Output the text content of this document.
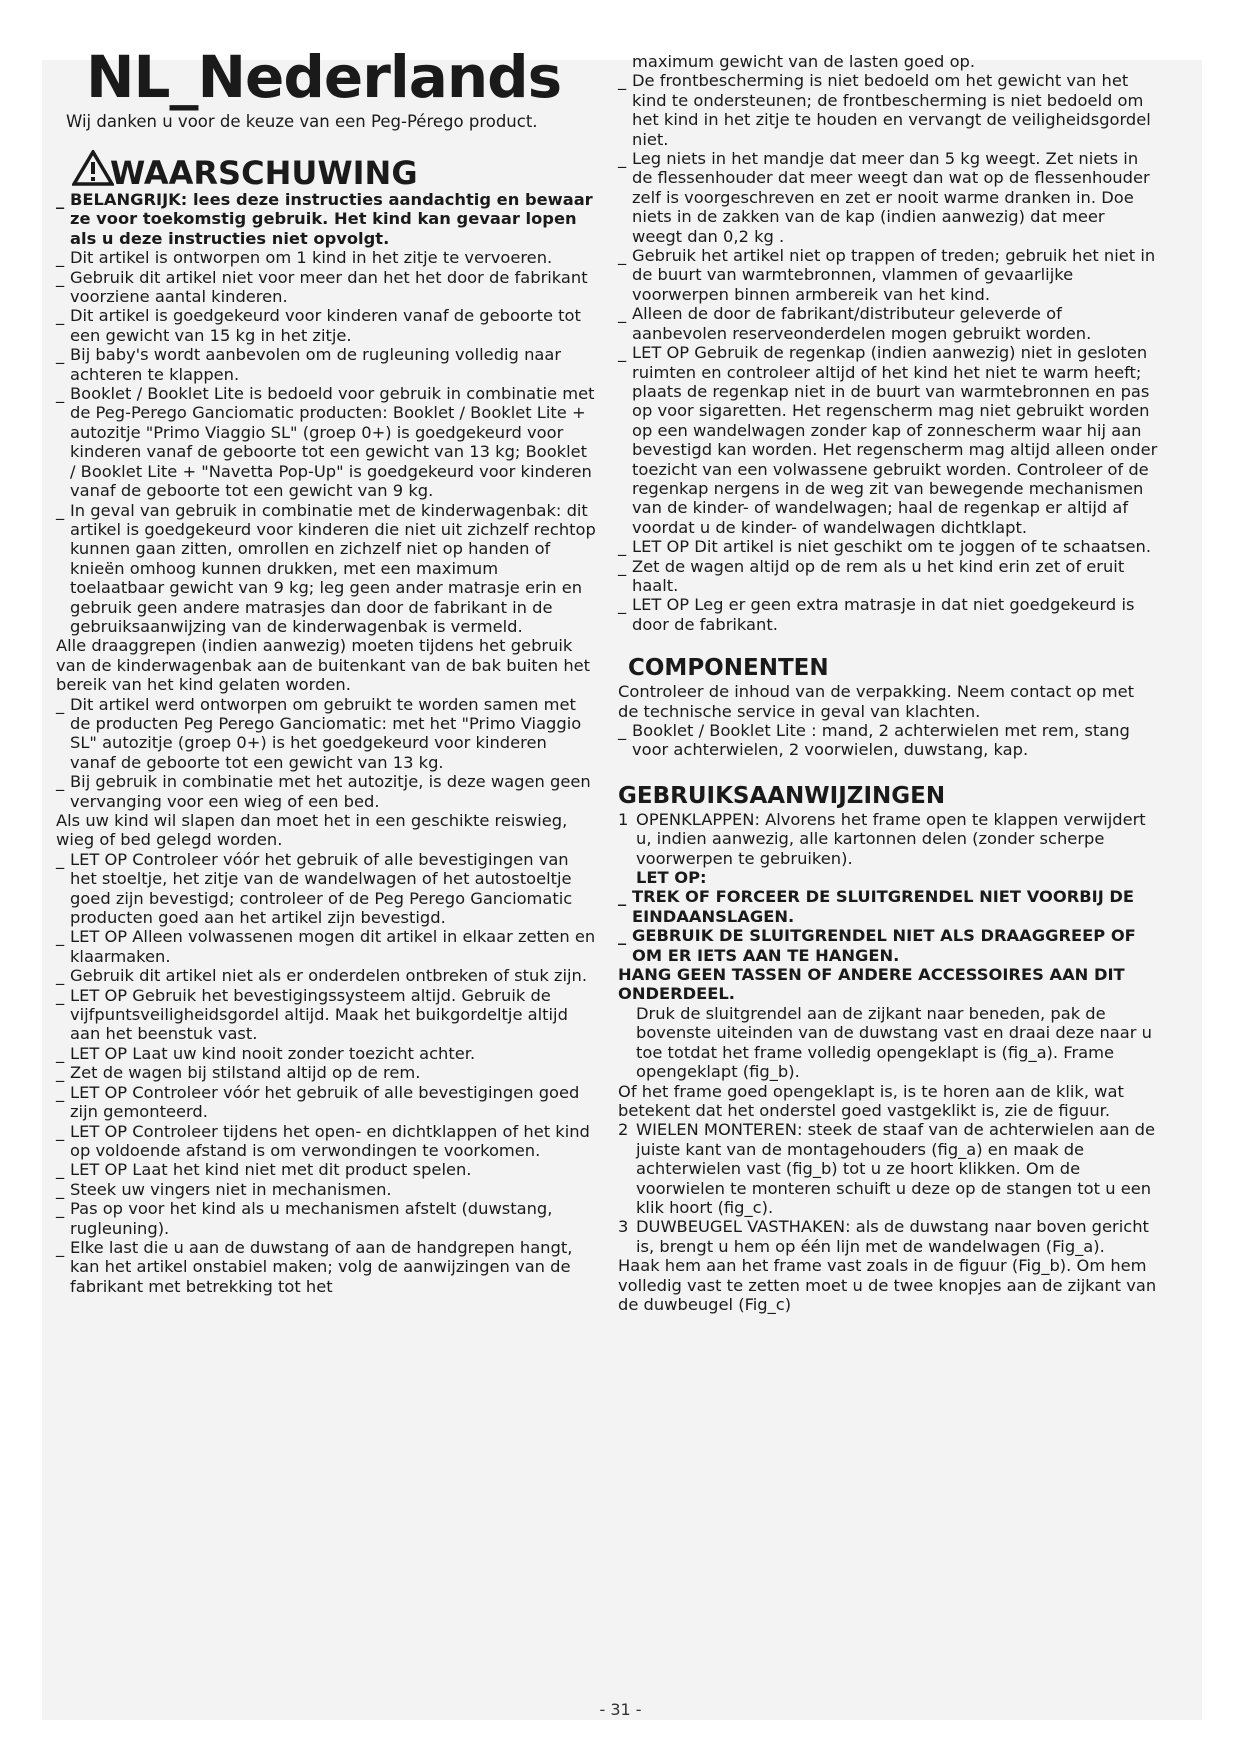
NL_Nederlands
Wij danken u voor de keuze van een Peg-Pérego product.
WAARSCHUWING
_ BELANGRIJK: lees deze instructies aandachtig en bewaar ze voor toekomstig gebruik. Het kind kan gevaar lopen als u deze instructies niet opvolgt.
_ Dit artikel is ontworpen om 1 kind in het zitje te vervoeren.
_ Gebruik dit artikel niet voor meer dan het het door de fabrikant voorziene aantal kinderen.
_ Dit artikel is goedgekeurd voor kinderen vanaf de geboorte tot een gewicht van 15 kg in het zitje.
_ Bij baby's wordt aanbevolen om de rugleuning volledig naar achteren te klappen.
_ Booklet / Booklet Lite is bedoeld voor gebruik in combinatie met de Peg-Perego Ganciomatic producten: Booklet / Booklet Lite + autozitje "Primo Viaggio SL" (groep 0+) is goedgekeurd voor kinderen vanaf de geboorte tot een gewicht van 13 kg; Booklet / Booklet Lite + "Navetta Pop-Up" is goedgekeurd voor kinderen vanaf de geboorte tot een gewicht van 9 kg.
_ In geval van gebruik in combinatie met de kinderwagenbak: dit artikel is goedgekeurd voor kinderen die niet uit zichzelf rechtop kunnen gaan zitten, omrollen en zichzelf niet op handen of knieën omhoog kunnen drukken, met een maximum toelaatbaar gewicht van 9 kg; leg geen ander matrasje erin en gebruik geen andere matrasjes dan door de fabrikant in de gebruiksaanwijzing van de kinderwagenbak is vermeld.
Alle draaggrepen (indien aanwezig) moeten tijdens het gebruik van de kinderwagenbak aan de buitenkant van de bak buiten het bereik van het kind gelaten worden.
_ Dit artikel werd ontworpen om gebruikt te worden samen met de producten Peg Perego Ganciomatic: met het "Primo Viaggio SL" autozitje (groep 0+) is het goedgekeurd voor kinderen vanaf de geboorte tot een gewicht van 13 kg.
_ Bij gebruik in combinatie met het autozitje, is deze wagen geen vervanging voor een wieg of een bed.
Als uw kind wil slapen dan moet het in een geschikte reiswieg, wieg of bed gelegd worden.
_ LET OP Controleer vóór het gebruik of alle bevestigingen van het stoeltje, het zitje van de wandelwagen of het autostoeltje goed zijn bevestigd; controleer of de Peg Perego Ganciomatic producten goed aan het artikel zijn bevestigd.
_ LET OP Alleen volwassenen mogen dit artikel in elkaar zetten en klaarmaken.
_ Gebruik dit artikel niet als er onderdelen ontbreken of stuk zijn.
_ LET OP Gebruik het bevestigingssysteem altijd. Gebruik de vijfpuntsveiligheidsgordel altijd. Maak het buikgordeltje altijd aan het beenstuk vast.
_ LET OP Laat uw kind nooit zonder toezicht achter.
_ Zet de wagen bij stilstand altijd op de rem.
_ LET OP Controleer vóór het gebruik of alle bevestigingen goed zijn gemonteerd.
_ LET OP Controleer tijdens het open- en dichtklappen of het kind op voldoende afstand is om verwondingen te voorkomen.
_ LET OP Laat het kind niet met dit product spelen.
_ Steek uw vingers niet in mechanismen.
_ Pas op voor het kind als u mechanismen afstelt (duwstang, rugleuning).
_ Elke last die u aan de duwstang of aan de handgrepen hangt, kan het artikel onstabiel maken; volg de aanwijzingen van de fabrikant met betrekking tot het
maximum gewicht van de lasten goed op.
_ De frontbescherming is niet bedoeld om het gewicht van het kind te ondersteunen; de frontbescherming is niet bedoeld om het kind in het zitje te houden en vervangt de veiligheidsgordel niet.
_ Leg niets in het mandje dat meer dan 5 kg weegt. Zet niets in de flessenhouder dat meer weegt dan wat op de flessenhouder zelf is voorgeschreven en zet er nooit warme dranken in. Doe niets in de zakken van de kap (indien aanwezig) dat meer weegt dan 0,2 kg .
_ Gebruik het artikel niet op trappen of treden; gebruik het niet in de buurt van warmtebronnen, vlammen of gevaarlijke voorwerpen binnen armbereik van het kind.
_ Alleen de door de fabrikant/distributeur geleverde of aanbevolen reserveonderdelen mogen gebruikt worden.
_ LET OP Gebruik de regenkap (indien aanwezig) niet in gesloten ruimten en controleer altijd of het kind het niet te warm heeft; plaats de regenkap niet in de buurt van warmtebronnen en pas op voor sigaretten. Het regenscherm mag niet gebruikt worden op een wandelwagen zonder kap of zonnescherm waar hij aan bevestigd kan worden. Het regenscherm mag altijd alleen onder toezicht van een volwassene gebruikt worden. Controleer of de regenkap nergens in de weg zit van bewegende mechanismen van de kinder- of wandelwagen; haal de regenkap er altijd af voordat u de kinder- of wandelwagen dichtklapt.
_ LET OP Dit artikel is niet geschikt om te joggen of te schaatsen.
_ Zet de wagen altijd op de rem als u het kind erin zet of eruit haalt.
_ LET OP Leg er geen extra matrasje in dat niet goedgekeurd is door de fabrikant.
COMPONENTEN
Controleer de inhoud van de verpakking. Neem contact op met de technische service in geval van klachten.
_ Booklet / Booklet Lite : mand, 2 achterwielen met rem, stang voor achterwielen, 2 voorwielen, duwstang, kap.
GEBRUIKSAANWIJZINGEN
1 OPENKLAPPEN: Alvorens het frame open te klappen verwijdert u, indien aanwezig, alle kartonnen delen (zonder scherpe voorwerpen te gebruiken).
LET OP:
_ TREK OF FORCEER DE SLUITGRENDEL NIET VOORBIJ DE EINDAANSLAGEN.
_ GEBRUIK DE SLUITGRENDEL NIET ALS DRAAGGREEP OF OM ER IETS AAN TE HANGEN.
HANG GEEN TASSEN OF ANDERE ACCESSOIRES AAN DIT ONDERDEEL.
Druk de sluitgrendel aan de zijkant naar beneden, pak de bovenste uiteinden van de duwstang vast en draai deze naar u toe totdat het frame volledig opengeklapt is (fig_a). Frame opengeklapt (fig_b).
Of het frame goed opengeklapt is, is te horen aan de klik, wat betekent dat het onderstel goed vastgeklikt is, zie de figuur.
2 WIELEN MONTEREN: steek de staaf van de achterwielen aan de juiste kant van de montagehouders (fig_a) en maak de achterwielen vast (fig_b) tot u ze hoort klikken. Om de voorwielen te monteren schuift u deze op de stangen tot u een klik hoort (fig_c).
3 DUWBEUGEL VASTHAKEN: als de duwstang naar boven gericht is, brengt u hem op één lijn met de wandelwagen (Fig_a).
Haak hem aan het frame vast zoals in de figuur (Fig_b). Om hem volledig vast te zetten moet u de twee knopjes aan de zijkant van de duwbeugel (Fig_c)
- 31 -
